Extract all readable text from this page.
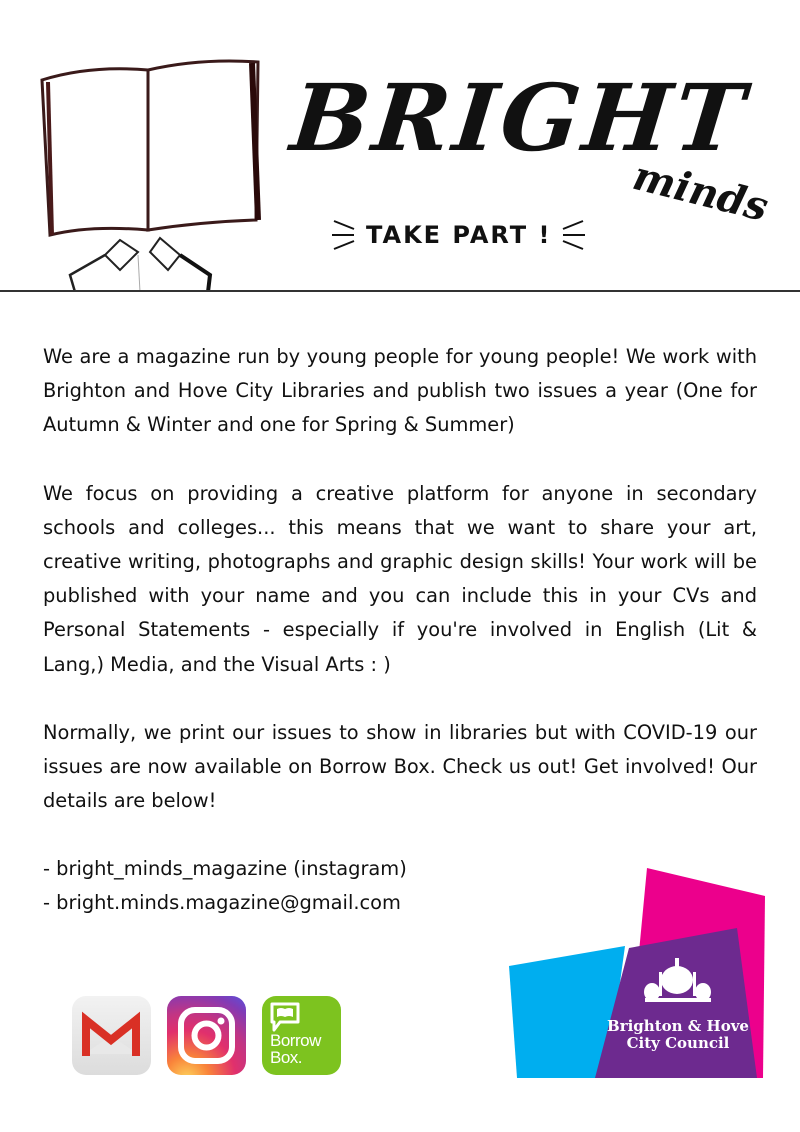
BRIGHT
minds
TAKE PART !

We are a magazine run by young people for young people! We work with Brighton and Hove City Libraries and publish two issues a year (One for Autumn & Winter and one for Spring & Summer)

We focus on providing a creative platform for anyone in secondary schools and colleges... this means that we want to share your art, creative writing, photographs and graphic design skills! Your work will be published with your name and you can include this in your CVs and Personal Statements - especially if you're involved in English (Lit & Lang,) Media, and the Visual Arts : )

Normally, we print our issues to show in libraries but with COVID-19 our issues are now available on Borrow Box. Check us out! Get involved! Our details are below!

- bright_minds_magazine (instagram)
- bright.minds.magazine@gmail.com
Brighton & Hove
City Council
Borrow
Box.
